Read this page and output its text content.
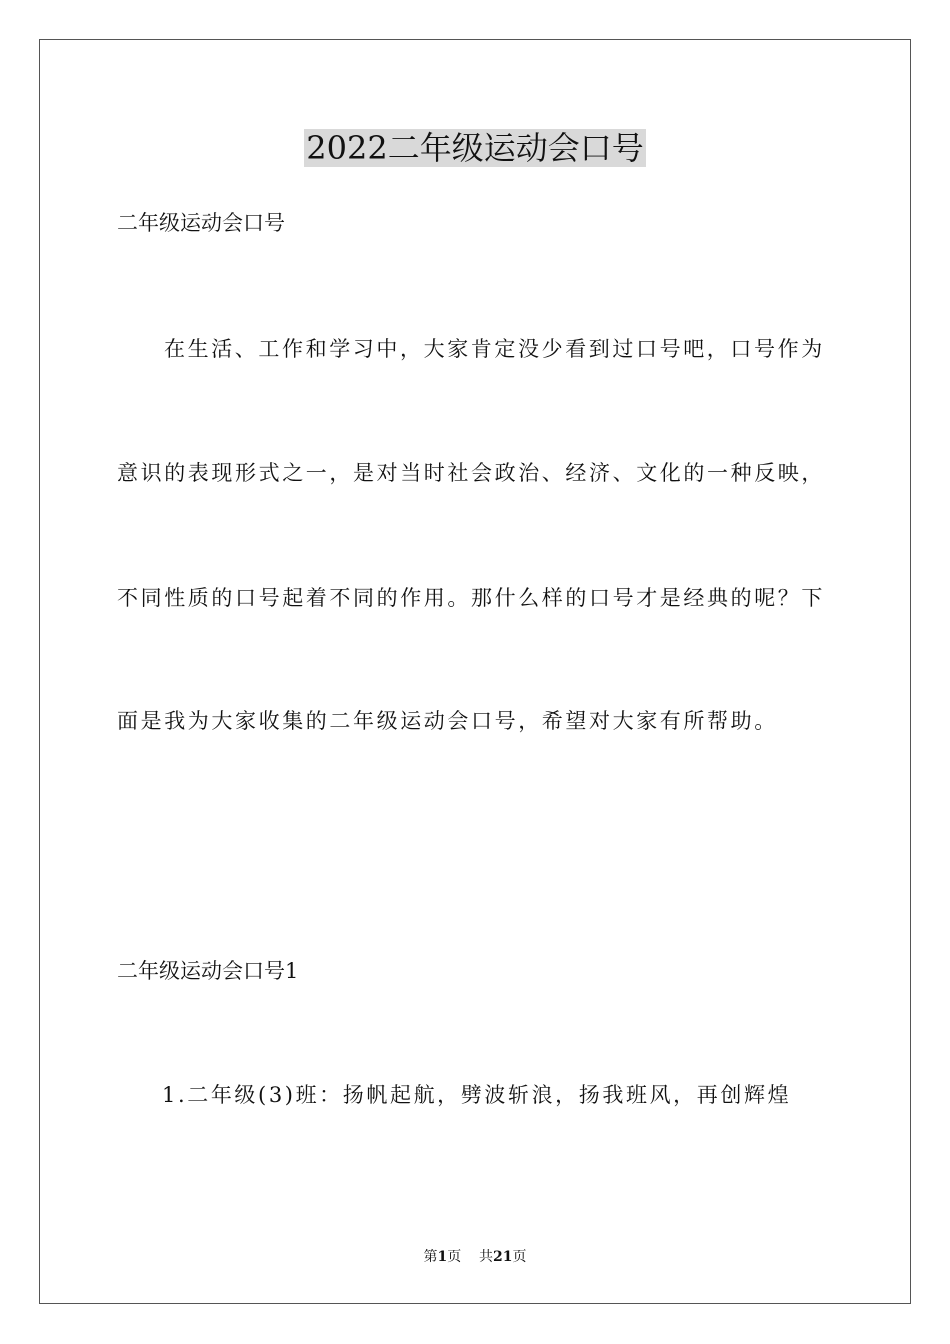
2022二年级运动会口号
二年级运动会口号
在生活、工作和学习中，大家肯定没少看到过口号吧，口号作为
意识的表现形式之一，是对当时社会政治、经济、文化的一种反映，
不同性质的口号起着不同的作用。那什么样的口号才是经典的呢？下
面是我为大家收集的二年级运动会口号，希望对大家有所帮助。
二年级运动会口号1
1.二年级(3)班：扬帆起航，劈波斩浪，扬我班风，再创辉煌
第1页 共21页
